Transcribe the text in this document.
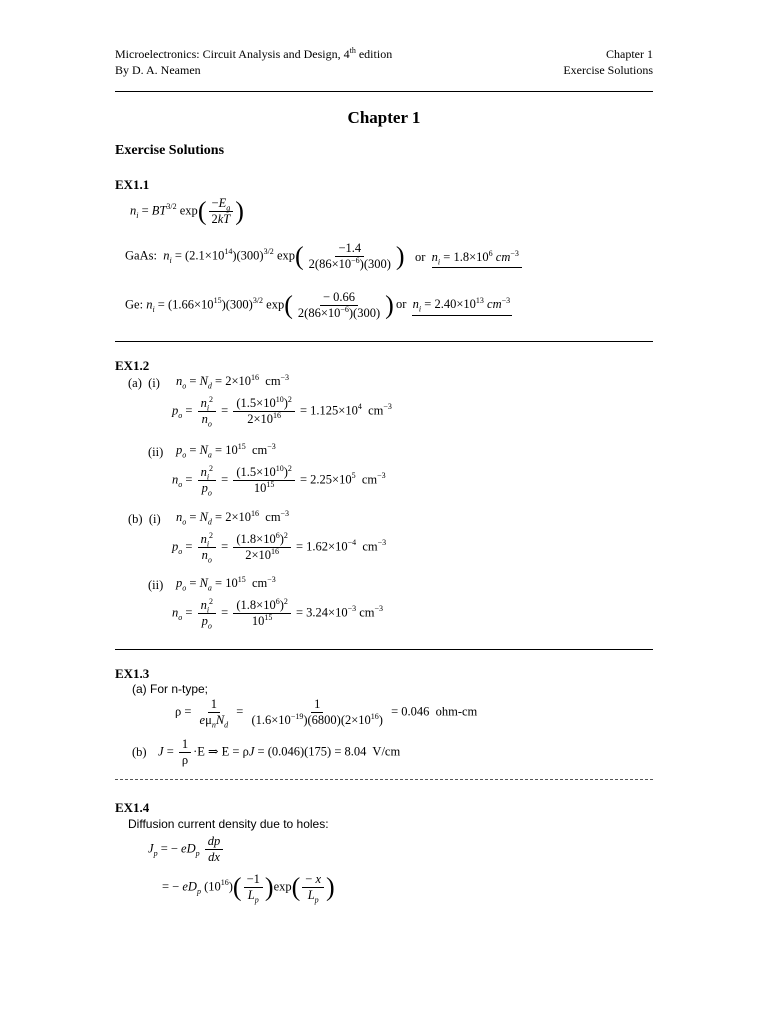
Microelectronics: Circuit Analysis and Design, 4th edition
By D. A. Neamen
Chapter 1
Exercise Solutions
Chapter 1
Exercise Solutions
EX1.1
$n_i = BT^{3/2}$ $\exp( \frac{-E_g}{2kT}$ )
GaAs: $n_i = (2.1\times 10^{14})(300)^{3/2}$ $\exp( \frac{-1.4}{2(86\times 10^{-6})(300)}$ ) or $n_i = 1.8\times 10^6$ $cm^{-3}$
Ge: $n_i = (1.66\times 10^{15})(300)^{3/2}$ $\exp( \frac{- 0.66}{2(86\times 10^{-6})(300)}$ ) or $n_i = 2.40\times 10^{13}$ $cm^{-3}$
EX1.2
(a) (i) $n_o = N_d = 2\times 10^{16}$  $cm^{-3}$
$p_o = \frac{n_i^2}{n_o} = \frac{(1.5\times 10^{10})^2}{2\times 10^{16}} = 1.125\times 10^4$  $cm^{-3}$
(ii) $p_o = N_a = 10^{15}$  $cm^{-3}$
$n_o = \frac{n_i^2}{p_o} = \frac{(1.5\times 10^{10})^2}{10^{15}} = 2.25\times 10^5$  $cm^{-3}$
(b) (i) $n_o = N_d = 2\times 10^{16}$  $cm^{-3}$
$p_o = \frac{n_i^2}{n_o} = \frac{(1.8\times 10^6)^2}{2\times 10^{16}} = 1.62\times 10^{-4}$  $cm^{-3}$
(ii) $p_o = N_a = 10^{15}$  $cm^{-3}$
$n_o = \frac{n_i^2}{p_o} = \frac{(1.8\times 10^6)^2}{10^{15}} = 3.24\times 10^{-3}$ $cm^{-3}$
EX1.3
(a) For n-type;
$\rho = \frac{1}{e\mu_nN_d} = \frac{1}{(1.6\times 10^{-19})(6800)(2\times 10^{16})} = 0.046$  ohm-cm
(b) $J = \frac{1}{\rho} \cdot E$ ⇒ E = ρJ = (0.046)(175) = 8.04  V/cm
EX1.4
Diffusion current density due to holes:
$J_p$ = − $eD_p \frac{dp}{dx}$
= − $eD_p$ $(10^{16})( \frac{-1}{L_p} )\exp( \frac{- x}{L_p}$ )
